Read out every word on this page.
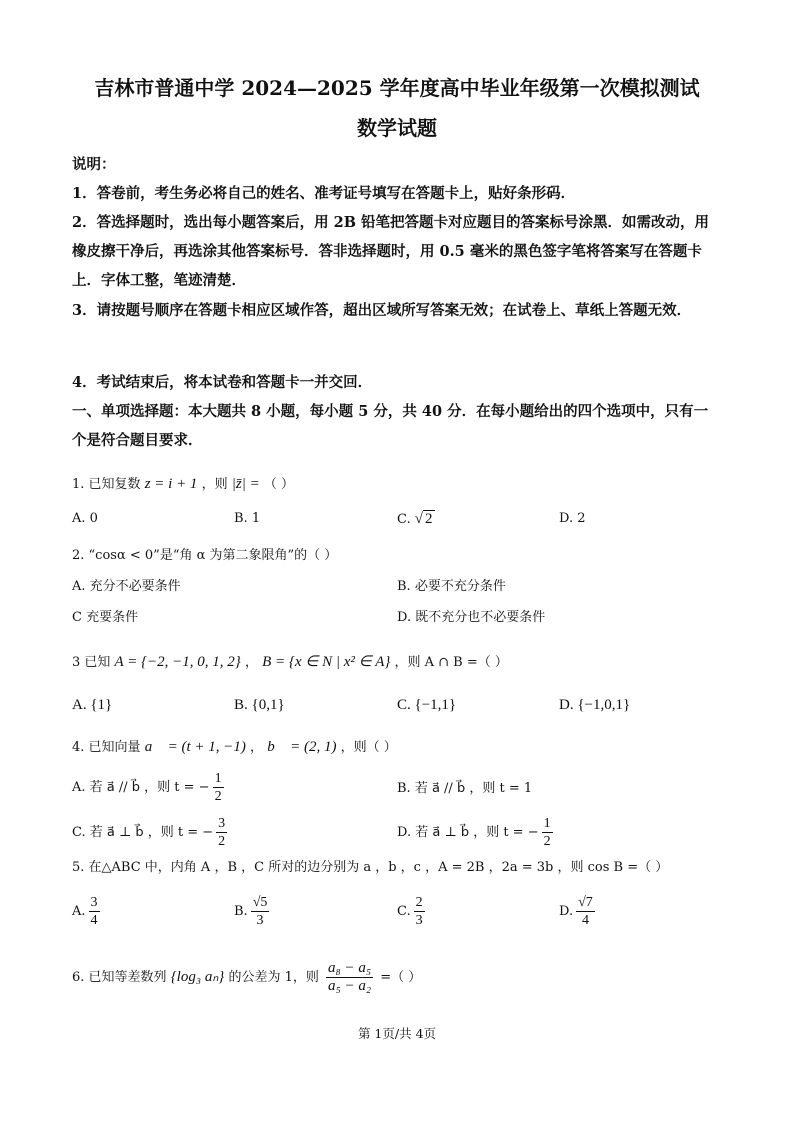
吉林市普通中学 2024—2025 学年度高中毕业年级第一次模拟测试
数学试题
说明：
1．答卷前，考生务必将自己的姓名、准考证号填写在答题卡上，贴好条形码．
2．答选择题时，选出每小题答案后，用 2B 铅笔把答题卡对应题目的答案标号涂黑．如需改动，用橡皮擦干净后，再选涂其他答案标号．答非选择题时，用 0.5 毫米的黑色签字笔将答案写在答题卡上．字体工整，笔迹清楚．
3．请按题号顺序在答题卡相应区域作答，超出区域所写答案无效；在试卷上、草纸上答题无效．
4．考试结束后，将本试卷和答题卡一并交回．
一、单项选择题：本大题共 8 小题，每小题 5 分，共 40 分．在每小题给出的四个选项中，只有一个是符合题目要求．
1. 已知复数 z = i + 1 ，则 |z̄| = （ ）
A. 0	B. 1	C. √ 2	D. 2
2. “cosα < 0”是“角 α 为第二象限角”的（ ）
A. 充分不必要条件	B. 必要不充分条件
C 充要条件	D. 既不充分也不必要条件
3 已知 A = {−2, −1, 0, 1, 2} ， B = {x ∈ N | x² ∈ A} ，则 A ∩ B =（ ）
A. {1}	B. {0,1}	C. {−1,1}	D. {−1,0,1}
4. 已知向量 a⃗ = (t + 1, −1) ， b⃗ = (2, 1) ，则（ ）
A. 若 a⃗ // b⃗ ，则 t = − $\frac{1}{2}$	B. 若 a⃗ // b⃗ ，则 t = 1
C. 若 a⃗ ⊥ b⃗ ，则 t = − $\frac{3}{2}$	D. 若 a⃗ ⊥ b⃗ ，则 t = − $\frac{1}{2}$
5. 在△ABC 中，内角 A ，B ，C 所对的边分别为 a ，b ，c ，A = 2B ，2a = 3b ，则 cos B =（ ）
A. $\frac{3}{4}$	B. $\frac{√5}{3}$	C. $\frac{2}{3}$	D. $\frac{√7}{4}$
6. 已知等差数列 {log₃ aₙ} 的公差为 1，则 $\frac{\text{a₈ − a₅}}{\text{a₅ − a₂}}$ =（ ）
第 1页/共 4页
